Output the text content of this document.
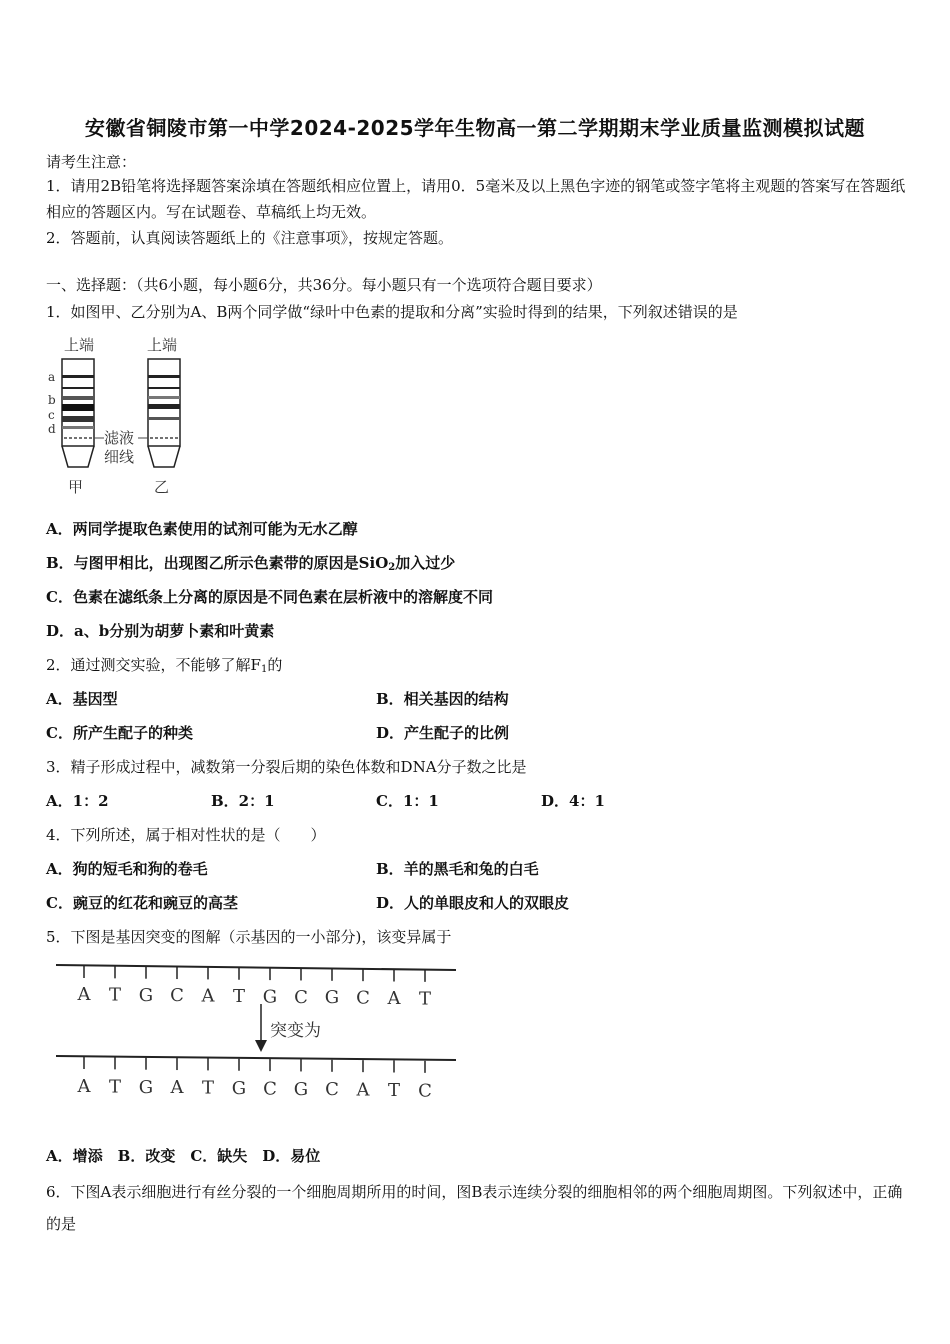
安徽省铜陵市第一中学2024-2025学年生物高一第二学期期末学业质量监测模拟试题
请考生注意：
1．请用2B铅笔将选择题答案涂填在答题纸相应位置上，请用0．5毫米及以上黑色字迹的钢笔或签字笔将主观题的答案写在答题纸相应的答题区内。写在试题卷、草稿纸上均无效。
2．答题前，认真阅读答题纸上的《注意事项》，按规定答题。
一、选择题：（共6小题，每小题6分，共36分。每小题只有一个选项符合题目要求）
1．如图甲、乙分别为A、B两个同学做“绿叶中色素的提取和分离”实验时得到的结果，下列叙述错误的是
上端	上端
a
b
c
d	滤液
细线
甲	乙
A．两同学提取色素使用的试剂可能为无水乙醇
B．与图甲相比，出现图乙所示色素带的原因是SiO$_2$加入过少
C．色素在滤纸条上分离的原因是不同色素在层析液中的溶解度不同
D．a、b分别为胡萝卜素和叶黄素
2．通过测交实验，不能够了解$F_1$的
A．基因型	B．相关基因的结构
C．所产生配子的种类	D．产生配子的比例
3．精子形成过程中，减数第一分裂后期的染色体数和DNA分子数之比是
A．1：2	B．2：1	C．1：1	D．4：1
4．下列所述，属于相对性状的是（　　）
A．狗的短毛和狗的卷毛	B．羊的黑毛和兔的白毛
C．豌豆的红花和豌豆的高茎	D．人的单眼皮和人的双眼皮
5．下图是基因突变的图解（示基因的一小部分)，该变异属于
A T G C A T G C G C A T
A T G A T G C G C A T C
突变为
A．增添　B．改变　C．缺失　D．易位
6．下图A表示细胞进行有丝分裂的一个细胞周期所用的时间，图B表示连续分裂的细胞相邻的两个细胞周期图。下列叙述中，正确的是
